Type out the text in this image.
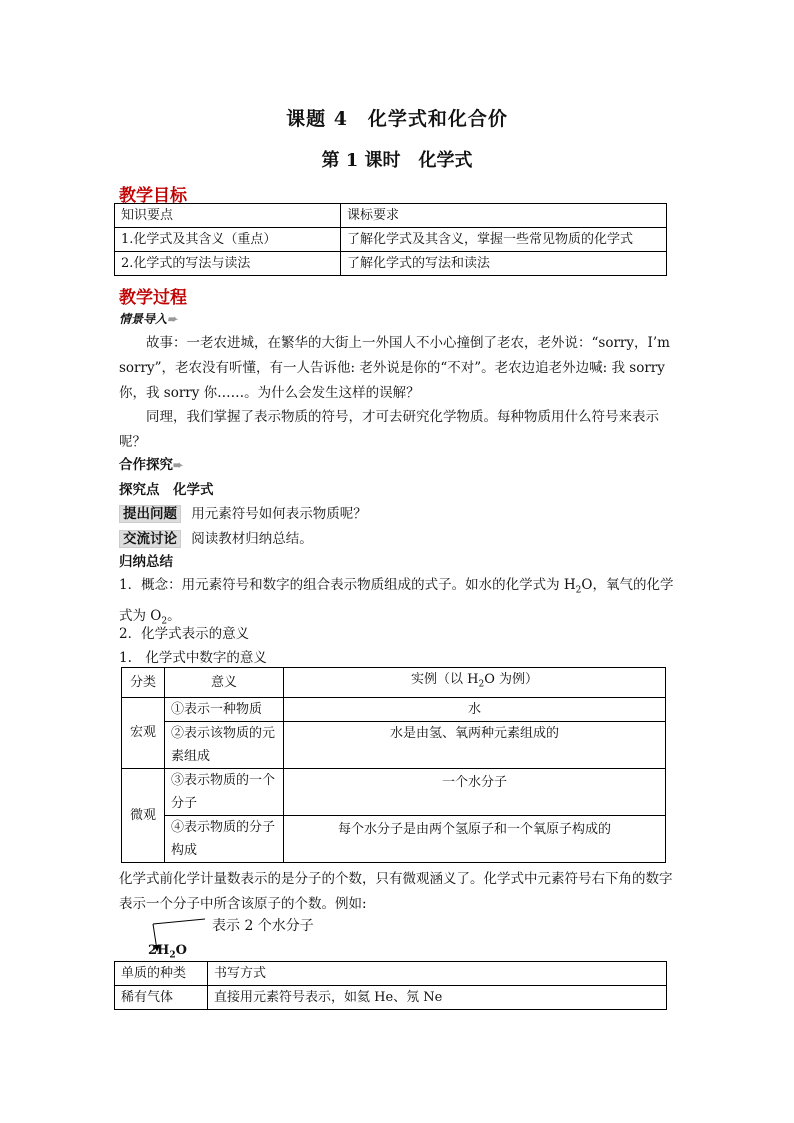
课题 4　化学式和化合价
第 1 课时　化学式
教学目标
知识要点	课标要求
1.化学式及其含义（重点）	了解化学式及其含义，掌握一些常见物质的化学式
2.化学式的写法与读法	了解化学式的写法和读法
教学过程
情景导入➨
故事：一老农进城，在繁华的大街上一外国人不小心撞倒了老农，老外说：“sorry，I’m sorry”，老农没有听懂，有一人告诉他: 老外说是你的“不对”。老农边追老外边喊: 我 sorry 你，我 sorry 你……。为什么会发生这样的误解？
同理，我们掌握了表示物质的符号，才可去研究化学物质。每种物质用什么符号来表示呢？
合作探究➨
探究点　化学式
提出问题 用元素符号如何表示物质呢？
交流讨论 阅读教材归纳总结。
归纳总结
1．概念：用元素符号和数字的组合表示物质组成的式子。如水的化学式为 $H_2O$，氧气的化学式为 $O_2$。
2．化学式表示的意义
1.　化学式中数字的意义
分类	意义	实例（以 $H_2O$ 为例）
宏观	①表示一种物质	水
	②表示该物质的元素组成	水是由氢、氧两种元素组成的
微观	③表示物质的一个分子	一个水分子
	④表示物质的分子构成	每个水分子是由两个氢原子和一个氧原子构成的
化学式前化学计量数表示的是分子的个数，只有微观涵义了。化学式中元素符号右下角的数字表示一个分子中所含该原子的个数。例如:
表示 2 个水分子
$2H_2O$
单质的种类	书写方式
稀有气体	直接用元素符号表示，如氦 He、氖 Ne
